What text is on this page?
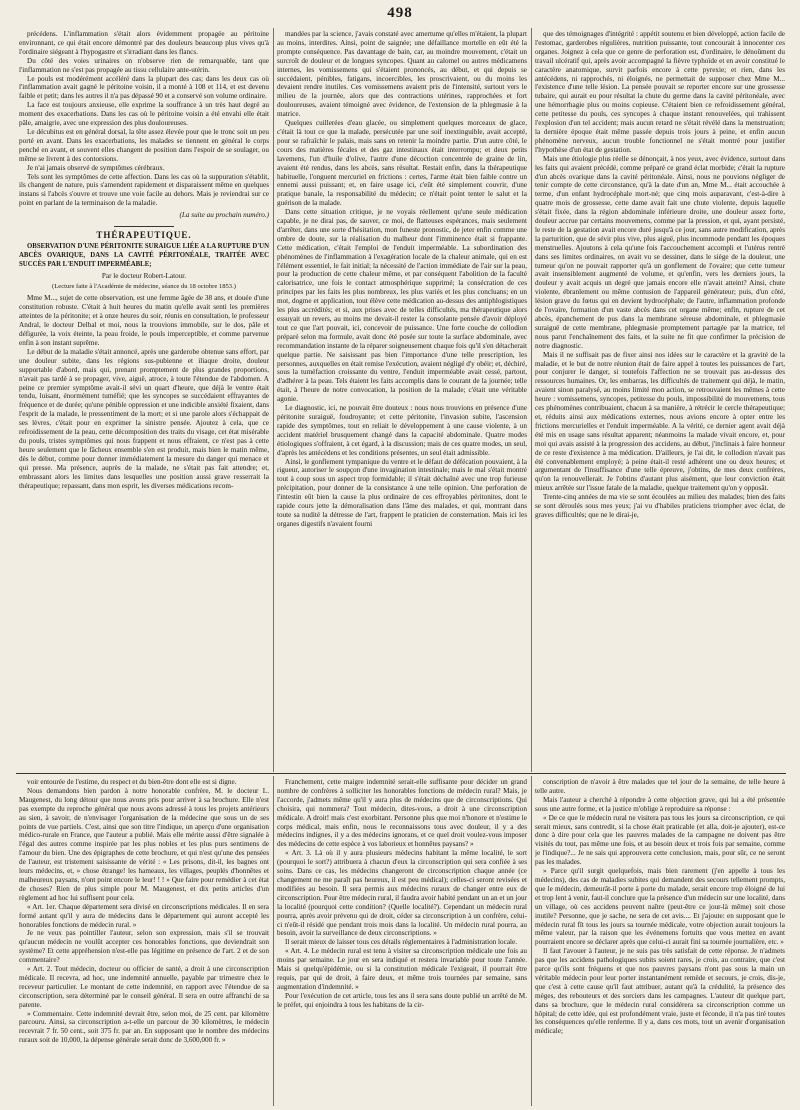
498

précédens. L'inflammation s'était alors évidemment propagée au péritoine environnant, ce qui était encore démontré par des douleurs beaucoup plus vives qu'à l'ordinaire siégeant à l'hypogastre et s'irradiant dans les flancs.

Du côté des voies urinaires on n'observe rien de remarquable, tant que l'inflammation ne s'est pas propagée au tissu cellulaire ante-utérin.

Le pouls est modérément accéléré dans la plupart des cas; dans les deux cas où l'inflammation avait gagné le péritoine voisin, il a monté à 108 et 114, et est devenu faible et petit; dans les autres il n'a pas dépassé 90 et a conservé son volume ordinaire.

La face est toujours anxieuse, elle exprime la souffrance à un très haut degré au moment des exacerbations. Dans les cas où le péritoine voisin a été envahi elle était pâle, amaigrie, avec une expression des plus douloureuses.

Le décubitus est en général dorsal, la tête assez élevée pour que le tronc soit un peu porté en avant. Dans les exacerbations, les malades se tiennent en général le corps penché en avant, et souvent elles changent de position dans l'espoir de se soulager, ou même se livrent à des contorsions.

Je n'ai jamais observé de symptômes cérébraux.

Tels sont les symptômes de cette affection. Dans les cas où la suppuration s'établit, ils changent de nature, puis s'amendent rapidement et disparaissent même en quelques instans si l'abcès s'ouvre et trouve une voie facile au dehors. Mais je reviendrai sur ce point en parlant de la terminaison de la maladie.

(La suite au prochain numéro.)
THÉRAPEUTIQUE.
OBSERVATION D'UNE PÉRITONITE SURAIGUE LIÉE A LA RUPTURE D'UN ABCÈS OVARIQUE, DANS LA CAVITÉ PÉRITONÉALE, TRAITÉE AVEC SUCCÈS PAR L'ENDUIT IMPERMÉABLE;
Par le docteur Robert-Latour.
(Lecture faite à l'Académie de médecine, séance du 18 octobre 1853.)

Mme M..., sujet de cette observation, est une femme âgée de 38 ans, et douée d'une constitution robuste. C'était à huit heures du matin qu'elle avait senti les premières atteintes de la péritonite; et à onze heures du soir, réunis en consultation, le professeur Andral, le docteur Delbal et moi, nous la trouvions immobile, sur le dos, pâle et défigurée, la voix éteinte, la peau froide, le pouls imperceptible, et comme parvenue enfin à son instant suprême.

Le début de la maladie s'était annoncé, après une garderobe obtenue sans effort, par une douleur subite, dans les régions sus-pubienne et iliaque droite, douleur supportable d'abord, mais qui, prenant promptement de plus grandes proportions, n'avait pas tardé à se propager, vive, aiguë, atroce, à toute l'étendue de l'abdomen. A peine ce premier symptôme avait-il sévi un quart d'heure, que déjà le ventre était tendu, luisant, énormément tuméfié; que les syncopes se succédaient effrayantes de fréquence et de durée; qu'une pénible oppression et une indicible anxiété fixaient, dans l'esprit de la malade, le pressentiment de la mort; et si une parole alors s'échappait de ses lèvres, c'était pour en exprimer la sinistre pensée. Ajoutez à cela, que ce refroidissement de la peau, cette décomposition des traits du visage, cet état misérable du pouls, tristes symptômes qui nous frappent et nous effraient, ce n'est pas à cette heure seulement que le fâcheux ensemble s'en est produit, mais bien le matin même, dès le début, comme pour donner immédiatement la mesure du danger qui menace et qui presse. Ma présence, auprès de la malade, ne s'était pas fait attendre; et, embrassant alors les limites dans lesquelles une position aussi grave resserrait la thérapeutique; repassant, dans mon esprit, les diverses médications recom-

mandées par la science, j'avais constaté avec amertume qu'elles m'étaient, la plupart au moins, interdites. Ainsi, point de saignée; une défaillance mortelle en eût été la prompte conséquence. Pas davantage de bain, car, au moindre mouvement, c'était un surcroît de douleur et de longues syncopes. Quant au calomel ou autres médicamens internes, les vomissemens qui s'étaient prononcés, au début, et qui depuis se succédaient, pénibles, fatigans, incoercibles, les proscrivaient, ou du moins les devaient rendre inutiles. Ces vomissemens avaient pris de l'intensité, surtout vers le milieu de la journée, alors que des contractions utérines, rapprochées et fort douloureuses, avaient témoigné avec évidence, de l'extension de la phlegmasie à la matrice.

Quelques cuillerées d'eau glacée, ou simplement quelques morceaux de glace, c'était là tout ce que la malade, persécutée par une soif inextinguible, avait accepté, pour se rafraîchir le palais, mais sans en retenir la moindre partie. D'un autre côté, le cours des matières fécales et des gaz intestinaux était interrompu; et deux petits lavemens, l'un d'huile d'olive, l'autre d'une décoction concentrée de graine de lin, avaient été rendus, dans les abcès, sans résultat. Restait enfin, dans la thérapeutique habituelle, l'onguent mercuriel en frictions : certes, l'arme était bien faible contre un ennemi aussi puissant; et, en faire usage ici, c'eût été simplement couvrir, d'une pratique banale, la responsabilité du médecin; ce n'était point tenter le salut et la guérison de la malade.

Dans cette situation critique, je ne voyais réellement qu'une seule médication capable, je ne dirai pas, de sauver, ce moi, de flatteuses espérances, mais seulement d'arrêter, dans une sorte d'hésitation, mon funeste pronostic, de jeter enfin comme une ombre de doute, sur la réalisation du malheur dont l'imminence était si frappante. Cette médication, c'était l'emploi de l'enduit imperméable. La subordination des phénomènes de l'inflammation à l'exagération locale de la chaleur animale, qui en est l'élément essentiel, le fait initial; la nécessité de l'action immédiate de l'air sur la peau, pour la production de cette chaleur même, et par conséquent l'abolition de la faculté calorisatrice, une fois le contact atmosphérique supprimé; la consécration de ces principes par les faits les plus nombreux, les plus variés et les plus concluans; en un mot, dogme et application, tout élève cette médication au-dessus des antiphlogistiques les plus accrédités; et si, aux prises avec de telles difficultés, ma thérapeutique alors essuyait un revers, au moins me devait-il rester la consolante pensée d'avoir déployé tout ce que l'art pouvait, ici, concevoir de puissance. Une forte couche de collodion préparé selon ma formule, avait donc été posée sur toute la surface abdominale, avec recommandation instante de la réparer soigneusement chaque fois qu'il s'en détacherait quelque partie. Ne saisissant pas bien l'importance d'une telle prescription, les personnes, auxquelles en était remise l'exécution, avaient négligé d'y obéir; et, déchiré, sous la tuméfaction croissante du ventre, l'enduit imperméable avait cessé, partout, d'adhérer à la peau. Tels étaient les faits accomplis dans le courant de la journée; telle était, à l'heure de notre convocation, la position de la malade; c'était une véritable agonie.

Le diagnostic, ici, ne pouvait être douteux : nous nous trouvions en présence d'une péritonite suraiguë, foudroyante; et cette péritonite, l'invasion subite, l'ascension rapide des symptômes, tout en reliait le développement à une cause violente, à un accident matériel brusquement changé dans la capacité abdominale. Quatre modes étiologiques s'offraient, à cet égard, à la discussion; mais de ces quatre modes, un seul, d'après les antécédens et les conditions présentes, un seul était admissible.

Ainsi, le gonflement tympanique du ventre et le défaut de défécation pouvaient, à la rigueur, autoriser le soupçon d'une invagination intestinale; mais le mal s'était montré tout à coup sous un aspect trop formidable; il s'était déchaîné avec une trop furieuse précipitation, pour donner de la consistance à une telle opinion. Une perforation de l'intestin eût bien la cause la plus ordinaire de ces effroyables péritonites, dont le rapide cours jette la démoralisation dans l'âme des malades, et qui, montrant dans toute sa nudité la détresse de l'art, frappent le praticien de consternation. Mais ici les organes digestifs n'avaient fourni

que des témoignages d'intégrité : appétit soutenu et bien développé, action facile de l'estomac, garderobes régulières, nutrition puissante, tout concourait à innocenter ces organes. Joignez à cela que ce genre de perforation est, d'ordinaire, le dénoûment du travail ulcératif qui, après avoir accompagné la fièvre typhoïde et en avoir constitué le caractère anatomique, survit parfois encore à cette pyrexie; et rien, dans les antécédens, ni rapprochés, ni éloignés, ne permettait de supposer chez Mme M... l'existence d'une telle lésion. La pensée pouvait se reporter encore sur une grossesse tubaire, qui aurait eu pour résultat la chute du germe dans la cavité péritonéale, avec une hémorrhagie plus ou moins copieuse. C'étaient bien ce refroidissement général, cette petitesse du pouls, ces syncopes à chaque instant renouvelées, qui trahissent l'explosion d'un tel accident; mais aucun retard ne s'était révélé dans la menstruation; la dernière époque était même passée depuis trois jours à peine, et enfin aucun phénomène nerveux, aucun trouble fonctionnel ne s'était montré pour justifier l'hypothèse d'un état de gestation.

Mais une étiologie plus réelle se dénonçait, à nos yeux, avec évidence, surtout dans les faits qui avaient précédé, comme préparé ce grand éclat morbide; c'était la rupture d'un abcès ovarique dans la cavité péritonéale. Ainsi, nous ne pouvions négliger de tenir compte de cette circonstance, qu'à la date d'un an, Mme M... était accouchée à terme, d'un enfant hydrocéphale mort-né; que cinq mois auparavant, c'est-à-dire à quatre mois de grossesse, cette dame avait fait une chute violente, depuis laquelle s'était fixée, dans la région abdominale inférieure droite, une douleur assez forte, douleur accrue par certains mouvemens, comme par la pression, et qui, ayant persisté, le reste de la gestation avait encore duré jusqu'à ce jour, sans autre modification, après la parturition, que de sévir plus vive, plus aiguë, plus incommode pendant les époques menstruelles. Ajoutons à cela qu'une fois l'accouchement accompli et l'utérus rentré dans ses limites ordinaires, on avait vu se dessiner, dans le siège de la douleur, une tumeur qu'on ne pouvait rapporter qu'à un gonflement de l'ovaire; que cette tumeur avait insensiblement augmenté de volume, et qu'enfin, vers les derniers jours, la douleur y avait acquis un degré que jamais encore elle n'avait atteint? Ainsi, chute violente, ébranlement ou même contusion de l'appareil générateur; puis, d'un côté, lésion grave du fœtus qui en devient hydrocéphale; de l'autre, inflammation profonde de l'ovaire, formation d'un vaste abcès dans cet organe même; enfin, rupture de cet abcès, épanchement de pus dans la membrane séreuse abdominale, et phlegmasie suraiguë de cette membrane, phlegmasie promptement partagée par la matrice, tel nous parut l'enchaînement des faits, et la suite ne fit que confirmer la précision de notre diagnostic.

Mais il ne suffisait pas de fixer ainsi nos idées sur le caractère et la gravité de la maladie, et le but de notre réunion était de faire appel à toutes les puissances de l'art, pour conjurer le danger, si toutefois l'affection ne se trouvait pas au-dessus des ressources humaines. Or, les embarras, les difficultés de traitement qui déjà, le matin, avaient sinon paralysé, au moins limité mon action, se retrouvaient les mêmes à cette heure : vomissemens, syncopes, petitesse du pouls, impossibilité de mouvemens, tous ces phénomènes contribuaient, chacun à sa manière, à rétrécir le cercle thérapeutique; et, réduits ainsi aux médications externes, nous avions encore à opter entre les frictions mercurielles et l'enduit imperméable. A la vérité, ce dernier agent avait déjà été mis en usage sans résultat apparent; néanmoins la malade vivait encore, et, pour moi qui avais assisté à la progression des accidens, au début, j'inclinais à faire honneur de ce reste d'existence à ma médication. D'ailleurs, je l'ai dit, le collodion n'avait pas été convenablement employé; à peine était-il resté adhérent une ou deux heures; et argumentant de l'insuffisance d'une telle épreuve, j'obtins, de mes deux confrères, qu'on la renouvellerait. Je l'obtins d'autant plus aisément, que leur conviction était mieux arrêtée sur l'issue fatale de la maladie, quelque traitement qu'on y opposât.

Trente-cinq années de ma vie se sont écoulées au milieu des malades; bien des faits se sont déroulés sous mes yeux; j'ai vu d'habiles praticiens triompher avec éclat, de graves difficultés; que ne le dirai-je,

voir entourée de l'estime, du respect et du bien-être dont elle est si digne.

Nous demandons bien pardon à notre honorable confrère, M. le docteur L. Maugenest, du long détour que nous avons pris pour arriver à sa brochure. Elle n'est pas exempte du reproche général que nous avons adressé à tous les projets antérieurs au sien, à savoir, de n'envisager l'organisation de la médecine que sous un de ses points de vue partiels. C'est, ainsi que son titre l'indique, un aperçu d'une organisation médico-rurale en France, que l'auteur a publié. Mais elle mérite aussi d'être signalée à l'égal des autres comme inspirée par les plus nobles et les plus purs sentimens de l'amour du bien. Une des épigraphes de cette brochure, et qui n'est qu'une des pensées de l'auteur, est tristement saisissante de vérité : « Les prisons, dit-il, les bagnes ont leurs médecins, et, » chose étrange! les hameaux, les villages, peuplés d'honnêtes et malheureux paysans, n'ont point encore le leur! ! ! » Que faire pour remédier à cet état de choses? Rien de plus simple pour M. Maugenest, et dix petits articles d'un règlement ad hoc lui suffisent pour cela.

« Art. 1er. Chaque département sera divisé en circonscriptions médicales. Il en sera formé autant qu'il y aura de médecins dans le département qui auront accepté les honorables fonctions de médecin rural. »

Je ne veux pas pointiller l'auteur, selon son expression, mais s'il se trouvait qu'aucun médecin ne voulût accepter ces honorables fonctions, que deviendrait son système? Et cette appréhension n'est-elle pas légitime en présence de l'art. 2 et de son commentaire?

« Art. 2. Tout médecin, docteur ou officier de santé, a droit à une circonscription médicale. Il recevra, ad hoc, une indemnité annuelle, payable par trimestre chez le receveur particulier. Le montant de cette indemnité, en rapport avec l'étendue de sa circonscription, sera déterminé par le conseil général. Il sera en outre affranchi de sa patente.

» Commentaire. Cette indemnité devrait être, selon moi, de 25 cent. par kilomètre parcouru. Ainsi, sa circonscription a-t-elle un parcour de 30 kilomètres, le médecin recevrait 7 fr. 50 cent., soit 375 fr. par an. En supposant que le nombre des médecins ruraux soit de 10,000, la dépense générale serait donc de 3,600,000 fr. »

Franchement, cette maigre indemnité serait-elle suffisante pour décider un grand nombre de confrères à solliciter les honorables fonctions de médecin rural? Mais, je l'accorde, j'admets même qu'il y aura plus de médecins que de circonscriptions. Qui choisira, qui nommera? Tout médecin, dites-vous, a droit à une circonscription médicale. A droit! mais c'est exorbitant. Personne plus que moi n'honore et n'estime le corps médical, mais enfin, nous le reconnaissons tous avec douleur, il y a des médecins indignes, il y a des médecins ignorans, et ce quel droit voulez-vous imposer des médecins de cette espèce à vos laborieux et honnêtes paysans? »

« Art. 3. Là où il y aura plusieurs médecins habitant la même localité, le sort (pourquoi le sort?) attribuera à chacun d'eux la circonscription qui sera confiée à ses soins. Dans ce cas, les médecins changeront de circonscription chaque année (ce changement ne me paraît pas heureux, il est peu médical); celles-ci seront revisées et modifiées au besoin. Il sera permis aux médecins ruraux de changer entre eux de circonscription. Pour être médecin rural, il faudra avoir habité pendant un an et un jour la localité (pourquoi cette condition? (Quelle localité?). Cependant un médecin rural pourra, après avoir prévenu qui de droit, céder sa circonscription à un confrère, celui-ci n'eût-il résidé que pendant trois mois dans la localité. Un médecin rural pourra, au besoin, avoir la surveillance de deux circonscriptions. »

Il serait mieux de laisser tous ces détails réglementaires à l'administration locale.

« Art. 4. Le médecin rural est tenu à visiter sa circonscription médicale une fois au moins par semaine. Le jour en sera indiqué et restera invariable pour toute l'année. Mais si quelqu'épidémie, ou si la constitution médicale l'exigeait, il pourrait être requis, par qui de droit, à faire deux, et même trois tournées par semaine, sans augmentation d'indemnité. »

Pour l'exécution de cet article, tous les ans il sera sans doute publié un arrêté de M. le préfet, qui enjoindra à tous les habitans de la cir-

conscription de n'avoir à être malades que tel jour de la semaine, de telle heure à telle autre.

Mais l'auteur a cherché à répondre à cette objection grave, qui lui a été présentée sous une autre forme, et la justice m'oblige à reproduire sa réponse :

« De ce que le médecin rural ne visitera pas tous les jours sa circonscription, ce qui serait mieux, sans contredit, si la chose était praticable (et alla, doit-je ajouter), est-ce donc à dire pour cela que les pauvres malades de la campagne ne doivent pas être visités du tout, pas même une fois, et au besoin deux et trois fois par semaine, comme je l'indique?... Je ne sais qui approuvera cette conclusion, mais, pour sûr, ce ne seront pas les malades.

» Parce qu'il surgit quelquefois, mais bien rarement (j'en appelle à tous les médecins), des cas de maladies subites qui demandent des secours tellement prompts, que le médecin, demeurât-il porte à porte du malade, serait encore trop éloigné de lui et trop lent à venir, faut-il conclure que la présence d'un médecin sur une localité, dans un village, où ces accidens peuvent naître (peut-être ce jour-là même) soit chose inutile? Personne, que je sache, ne sera de cet avis.... Et j'ajoute: en supposant que le médecin rural fît tous les jours sa tournée médicale, votre objection aurait toujours la même valeur, par la raison que les événemens fortuits que vous mettez en avant pourraient encore se déclarer après que celui-ci aurait fini sa tournée journalière, etc. »

Il faut l'avouer à l'auteur, je ne suis pas très satisfait de cette réponse. Je n'admets pas que les accidens pathologiques subits soient rares, je crois, au contraire, que c'est parce qu'ils sont fréquens et que nos pauvres paysans n'ont pas sous la main un véritable médecin pour leur porter instantanément remède et secours, je crois, dis-je, que c'est à cette cause qu'il faut attribuer, autant qu'à la crédulité, la présence des mèges, des rebouteurs et des sorciers dans les campagnes. L'auteur dit quelque part, dans sa brochure, que le médecin rural considérera sa circonscription comme un hôpital; de cette idée, qui est profondément vraie, juste et féconde, il n'a pas tiré toutes les conséquences qu'elle renferme. Il y a, dans ces mots, tout un avenir d'organisation médicale;
